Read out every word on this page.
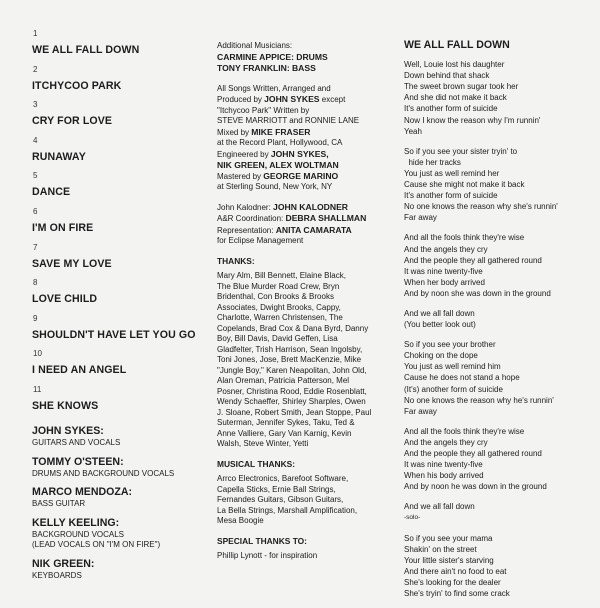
1
WE ALL FALL DOWN
2
ITCHYCOO PARK
3
CRY FOR LOVE
4
RUNAWAY
5
DANCE
6
I'M ON FIRE
7
SAVE MY LOVE
8
LOVE CHILD
9
SHOULDN'T HAVE LET YOU GO
10
I NEED AN ANGEL
11
SHE KNOWS
JOHN SYKES:
GUITARS AND VOCALS
TOMMY O'STEEN:
DRUMS AND BACKGROUND VOCALS
MARCO MENDOZA:
BASS GUITAR
KELLY KEELING:
BACKGROUND VOCALS
(LEAD VOCALS ON "I'M ON FIRE")
NIK GREEN:
KEYBOARDS
Additional Musicians:
CARMINE APPICE: DRUMS
TONY FRANKLIN: BASS
All Songs Written, Arranged and
Produced by JOHN SYKES except
"Itchycoo Park" Written by
STEVE MARRIOTT and RONNIE LANE
Mixed by MIKE FRASER
at the Record Plant, Hollywood, CA
Engineered by JOHN SYKES,
NIK GREEN, ALEX WOLTMAN
Mastered by GEORGE MARINO
at Sterling Sound, New York, NY
John Kalodner: JOHN KALODNER
A&R Coordination: DEBRA SHALLMAN
Representation: ANITA CAMARATA
for Eclipse Management
THANKS:
Mary Alm, Bill Bennett, Elaine Black,
The Blue Murder Road Crew, Bryn
Bridenthal, Con Brooks & Brooks
Associates, Dwight Brooks, Cappy,
Charlotte, Warren Christensen, The
Copelands, Brad Cox & Dana Byrd, Danny
Boy, Bill Davis, David Geffen, Lisa
Gladfelter, Trish Harrison, Sean Ingolsby,
Toni Jones, Jose, Brett MacKenzie, Mike
"Jungle Boy," Karen Neapolitan, John Old,
Alan Oreman, Patricia Patterson, Mel
Posner, Christina Rood, Eddie Rosenblatt,
Wendy Schaeffer, Shirley Sharples, Owen
J. Sloane, Robert Smith, Jean Stoppe, Paul
Suterman, Jennifer Sykes, Taku, Ted &
Anne Valliere, Gary Van Karnig, Kevin
Walsh, Steve Winter, Yetti
MUSICAL THANKS:
Arrco Electronics, Barefoot Software,
Capella Sticks, Ernie Ball Strings,
Fernandes Guitars, Gibson Guitars,
La Bella Strings, Marshall Amplification,
Mesa Boogie
SPECIAL THANKS TO:
Phillip Lynott - for inspiration
WE ALL FALL DOWN
Well, Louie lost his daughter
Down behind that shack
The sweet brown sugar took her
And she did not make it back
It's another form of suicide
Now I know the reason why I'm runnin'
Yeah
So if you see your sister tryin' to
hide her tracks
You just as well remind her
Cause she might not make it back
It's another form of suicide
No one knows the reason why she's runnin'
Far away
And all the fools think they're wise
And the angels they cry
And the people they all gathered round
It was nine twenty-five
When her body arrived
And by noon she was down in the ground
And we all fall down
(You better look out)
So if you see your brother
Choking on the dope
You just as well remind him
Cause he does not stand a hope
(It's) another form of suicide
No one knows the reason why he's runnin'
Far away
And all the fools think they're wise
And the angels they cry
And the people they all gathered round
It was nine twenty-five
When his body arrived
And by noon he was down in the ground
And we all fall down
-solo-
So if you see your mama
Shakin' on the street
Your little sister's starving
And there ain't no food to eat
She's looking for the dealer
She's tryin' to find some crack
